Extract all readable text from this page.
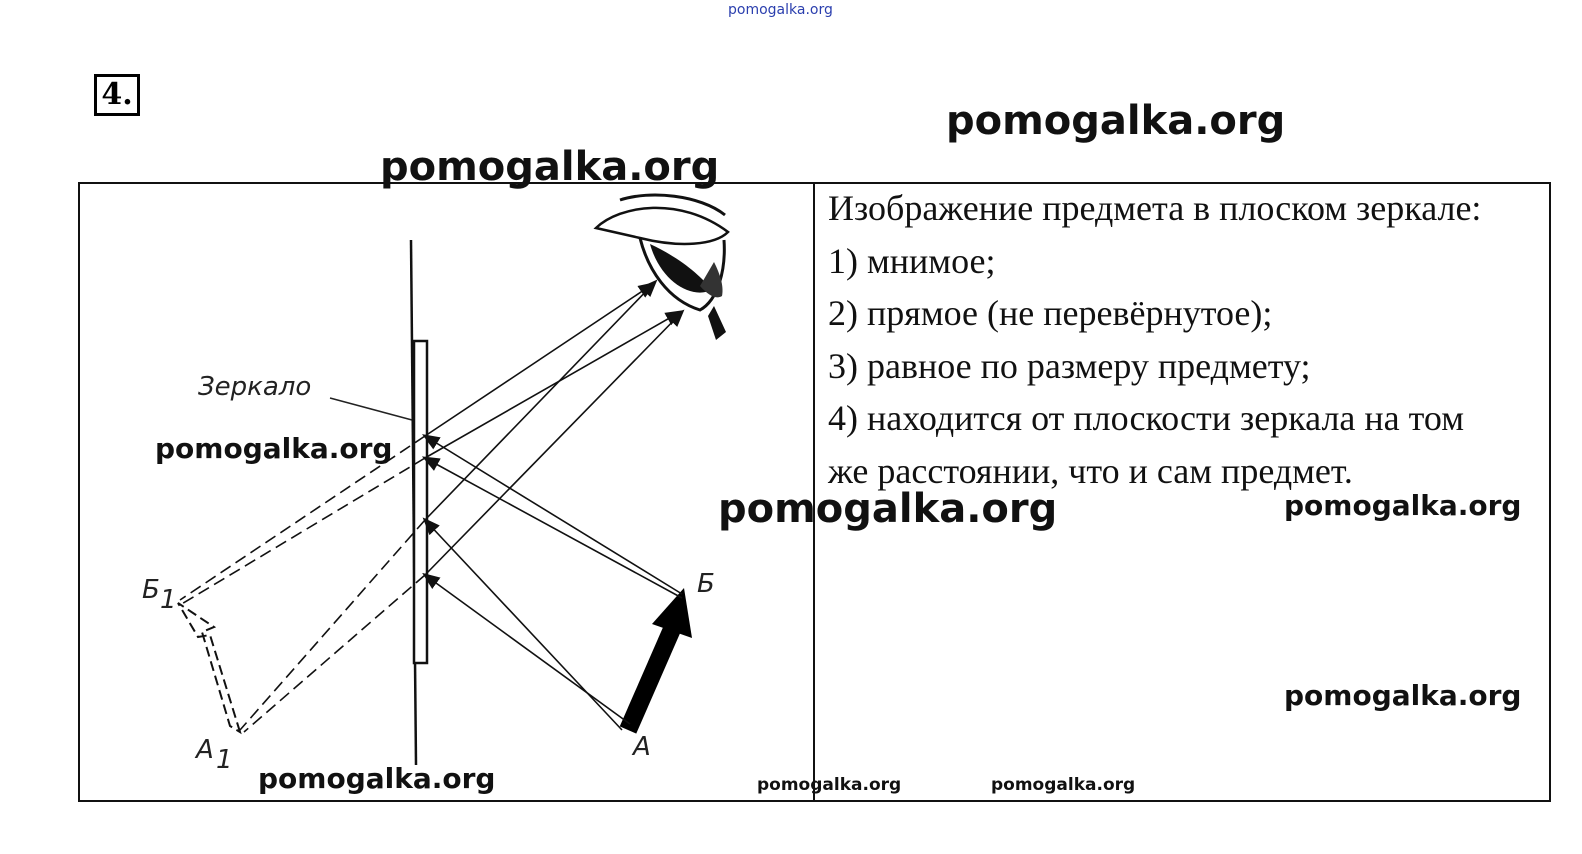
pomogalka.org
4.
Зеркало
Б
А
Б 1
А 1
Изображение предмета в плоском зеркале:
1) мнимое;
2) прямое (не перевёрнутое);
3) равное по размеру предмету;
4) находится от плоскости зеркала на том
же расстоянии, что и сам предмет.
pomogalka.org
pomogalka.org
pomogalka.org
pomogalka.org	pomogalka.org
pomogalka.org
pomogalka.org	pomogalka.org	pomogalka.org
